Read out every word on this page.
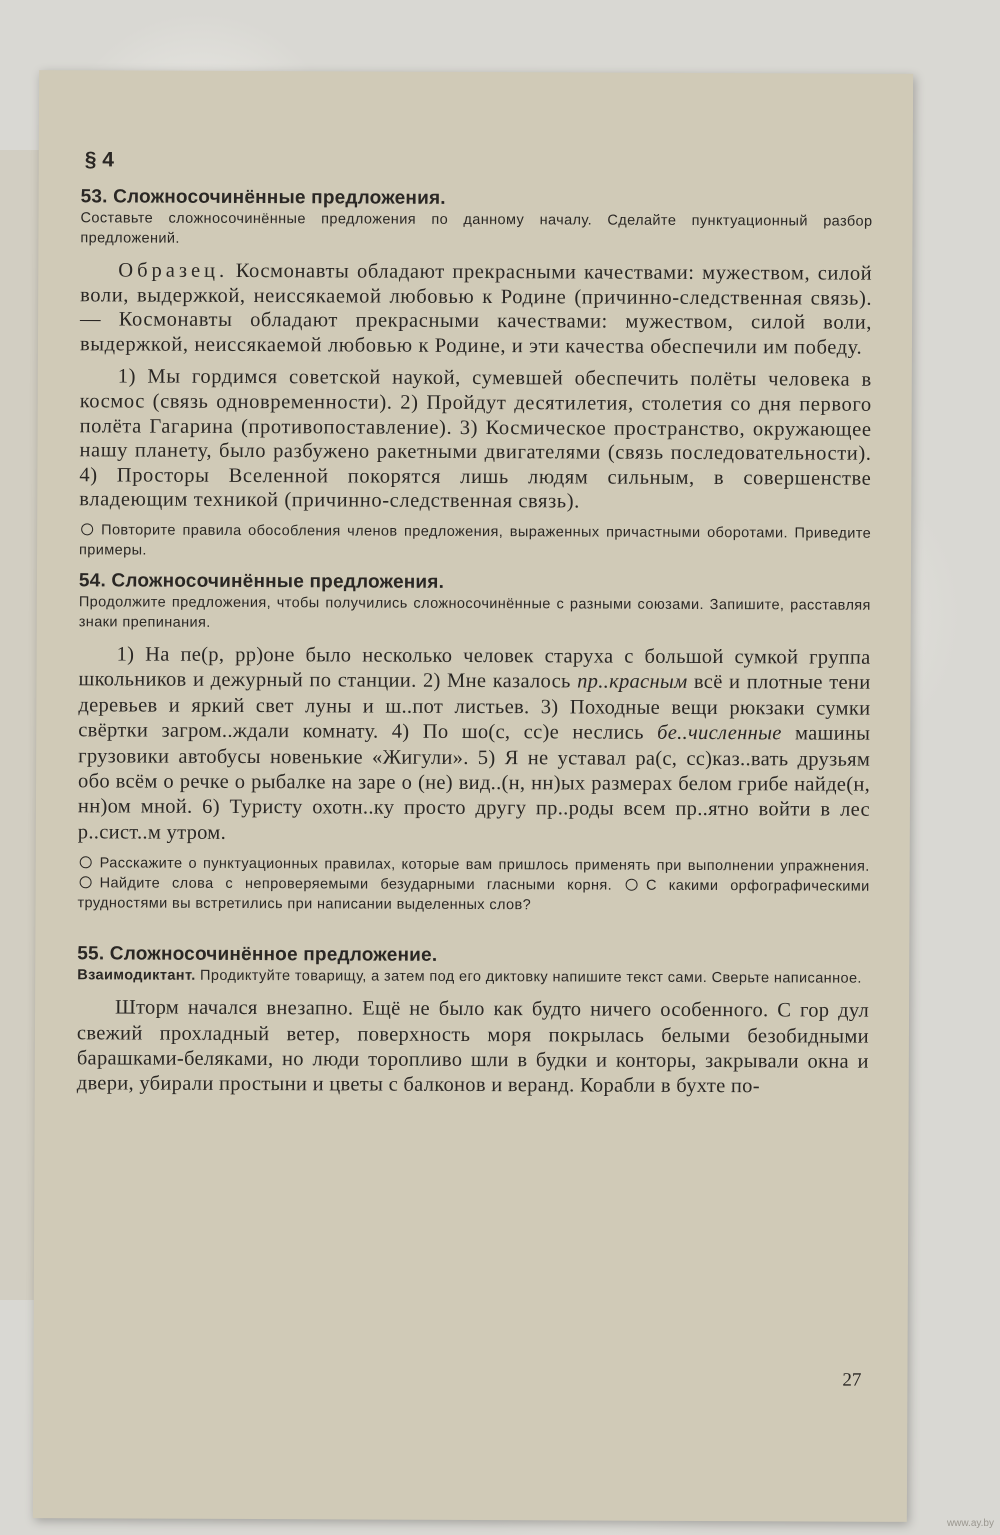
§ 4
53. Сложносочинённые предложения.

Составьте сложносочинённые предложения по данному началу. Сделайте пунктуационный разбор предложений.

Образец. Космонавты обладают прекрасными качествами: мужеством, силой воли, выдержкой, неиссякаемой любовью к Родине (причинно-следственная связь).— Космонавты обладают прекрасными качествами: мужеством, силой воли, выдержкой, неиссякаемой любовью к Родине, и эти качества обеспечили им победу.

1) Мы гордимся советской наукой, сумевшей обеспечить полёты человека в космос (связь одновременности). 2) Пройдут десятилетия, столетия со дня первого полёта Гагарина (противопоставление). 3) Космическое пространство, окружающее нашу планету, было разбужено ракетными двигателями (связь последовательности). 4) Просторы Вселенной покорятся лишь людям сильным, в совершенстве владеющим техникой (причинно-следственная связь).

Повторите правила обособления членов предложения, выраженных причастными оборотами. Приведите примеры.

54. Сложносочинённые предложения.

Продолжите предложения, чтобы получились сложносочинённые с разными союзами. Запишите, расставляя знаки препинания.

1) На пе(р, рр)оне было несколько человек старуха с большой сумкой группа школьников и дежурный по станции. 2) Мне казалось пр..красным всё и плотные тени деревьев и яркий свет луны и ш..пот листьев. 3) Походные вещи рюкзаки сумки свёртки загром..ждали комнату. 4) По шо(с, сс)е неслись бе..численные машины грузовики автобусы новенькие «Жигули». 5) Я не уставал ра(с, сс)каз..вать друзьям обо всём о речке о рыбалке на заре о (не) вид..(н, нн)ых размерах белом грибе найде(н, нн)ом мной. 6) Туристу охотн..ку просто другу пр..роды всем пр..ятно войти в лес р..сист..м утром.

Расскажите о пунктуационных правилах, которые вам пришлось применять при выполнении упражнения. Найдите слова с непроверяемыми безударными гласными корня. С какими орфографическими трудностями вы встретились при написании выделенных слов?

55. Сложносочинённое предложение.

Взаимодиктант. Продиктуйте товарищу, а затем под его диктовку напишите текст сами. Сверьте написанное.

Шторм начался внезапно. Ещё не было как будто ничего особенного. С гор дул свежий прохладный ветер, поверхность моря покрылась белыми безобидными барашками-беляками, но люди торопливо шли в будки и конторы, закрывали окна и двери, убирали простыни и цветы с балконов и веранд. Корабли в бухте по-

27
www.ay.by
